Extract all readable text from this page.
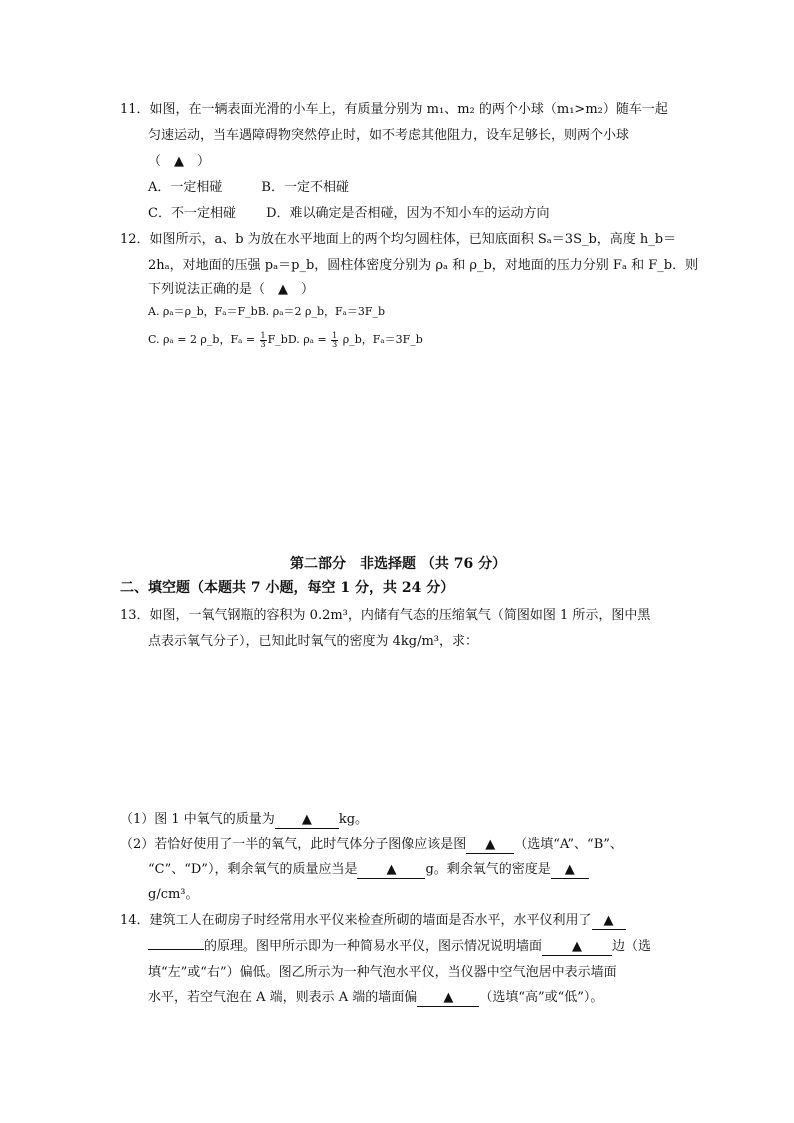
11．如图，在一辆表面光滑的小车上，有质量分别为 m₁、m₂ 的两个小球（m₁>m₂）随车一起
匀速运动，当车遇障碍物突然停止时，如不考虑其他阻力，设车足够长，则两个小球
（　▲　）
A．一定相碰　　　B．一定不相碰
C．不一定相碰　　 D．难以确定是否相碰，因为不知小车的运动方向
12．如图所示，a、b 为放在水平地面上的两个均匀圆柱体，已知底面积 Sₐ＝3S_b，高度 h_b＝
2hₐ，对地面的压强 pₐ＝p_b，圆柱体密度分别为 ρₐ 和 ρ_b，对地面的压力分别 Fₐ 和 F_b．则
下列说法正确的是（　▲　）
A. ρₐ＝ρ_b，Fₐ＝F_bB. ρₐ＝2 ρ_b，Fₐ＝3F_b
C. ρₐ = 2 ρ_b，$F_a = \frac{1}{3}$ F_bD. $\rho_a = \frac{1}{3}$ ρ_b，Fₐ＝3F_b
第二部分　非选择题 （共 76 分）
二、填空题（本题共 7 小题，每空 1 分，共 24 分）
13．如图，一氧气钢瓶的容积为 0.2m³，内储有气态的压缩氧气（简图如图 1 所示，图中黑
点表示氧气分子），已知此时氧气的密度为 4kg/m³，求：
（1）图 1 中氧气的质量为 ▲ kg。
（2）若恰好使用了一半的氧气，此时气体分子图像应该是图 ▲ （选填“A”、“B”、
“C”、“D”），剩余氧气的质量应当是 ▲ g。剩余氧气的密度是 ▲
g/cm³。
14．建筑工人在砌房子时经常用水平仪来检查所砌的墙面是否水平，水平仪利用了 ▲
的原理。图甲所示即为一种简易水平仪，图示情况说明墙面 ▲ 边（选
填“左”或“右”）偏低。图乙所示为一种气泡水平仪，当仪器中空气泡居中表示墙面
水平，若空气泡在 A 端，则表示 A 端的墙面偏 ▲ （选填“高”或“低”）。
